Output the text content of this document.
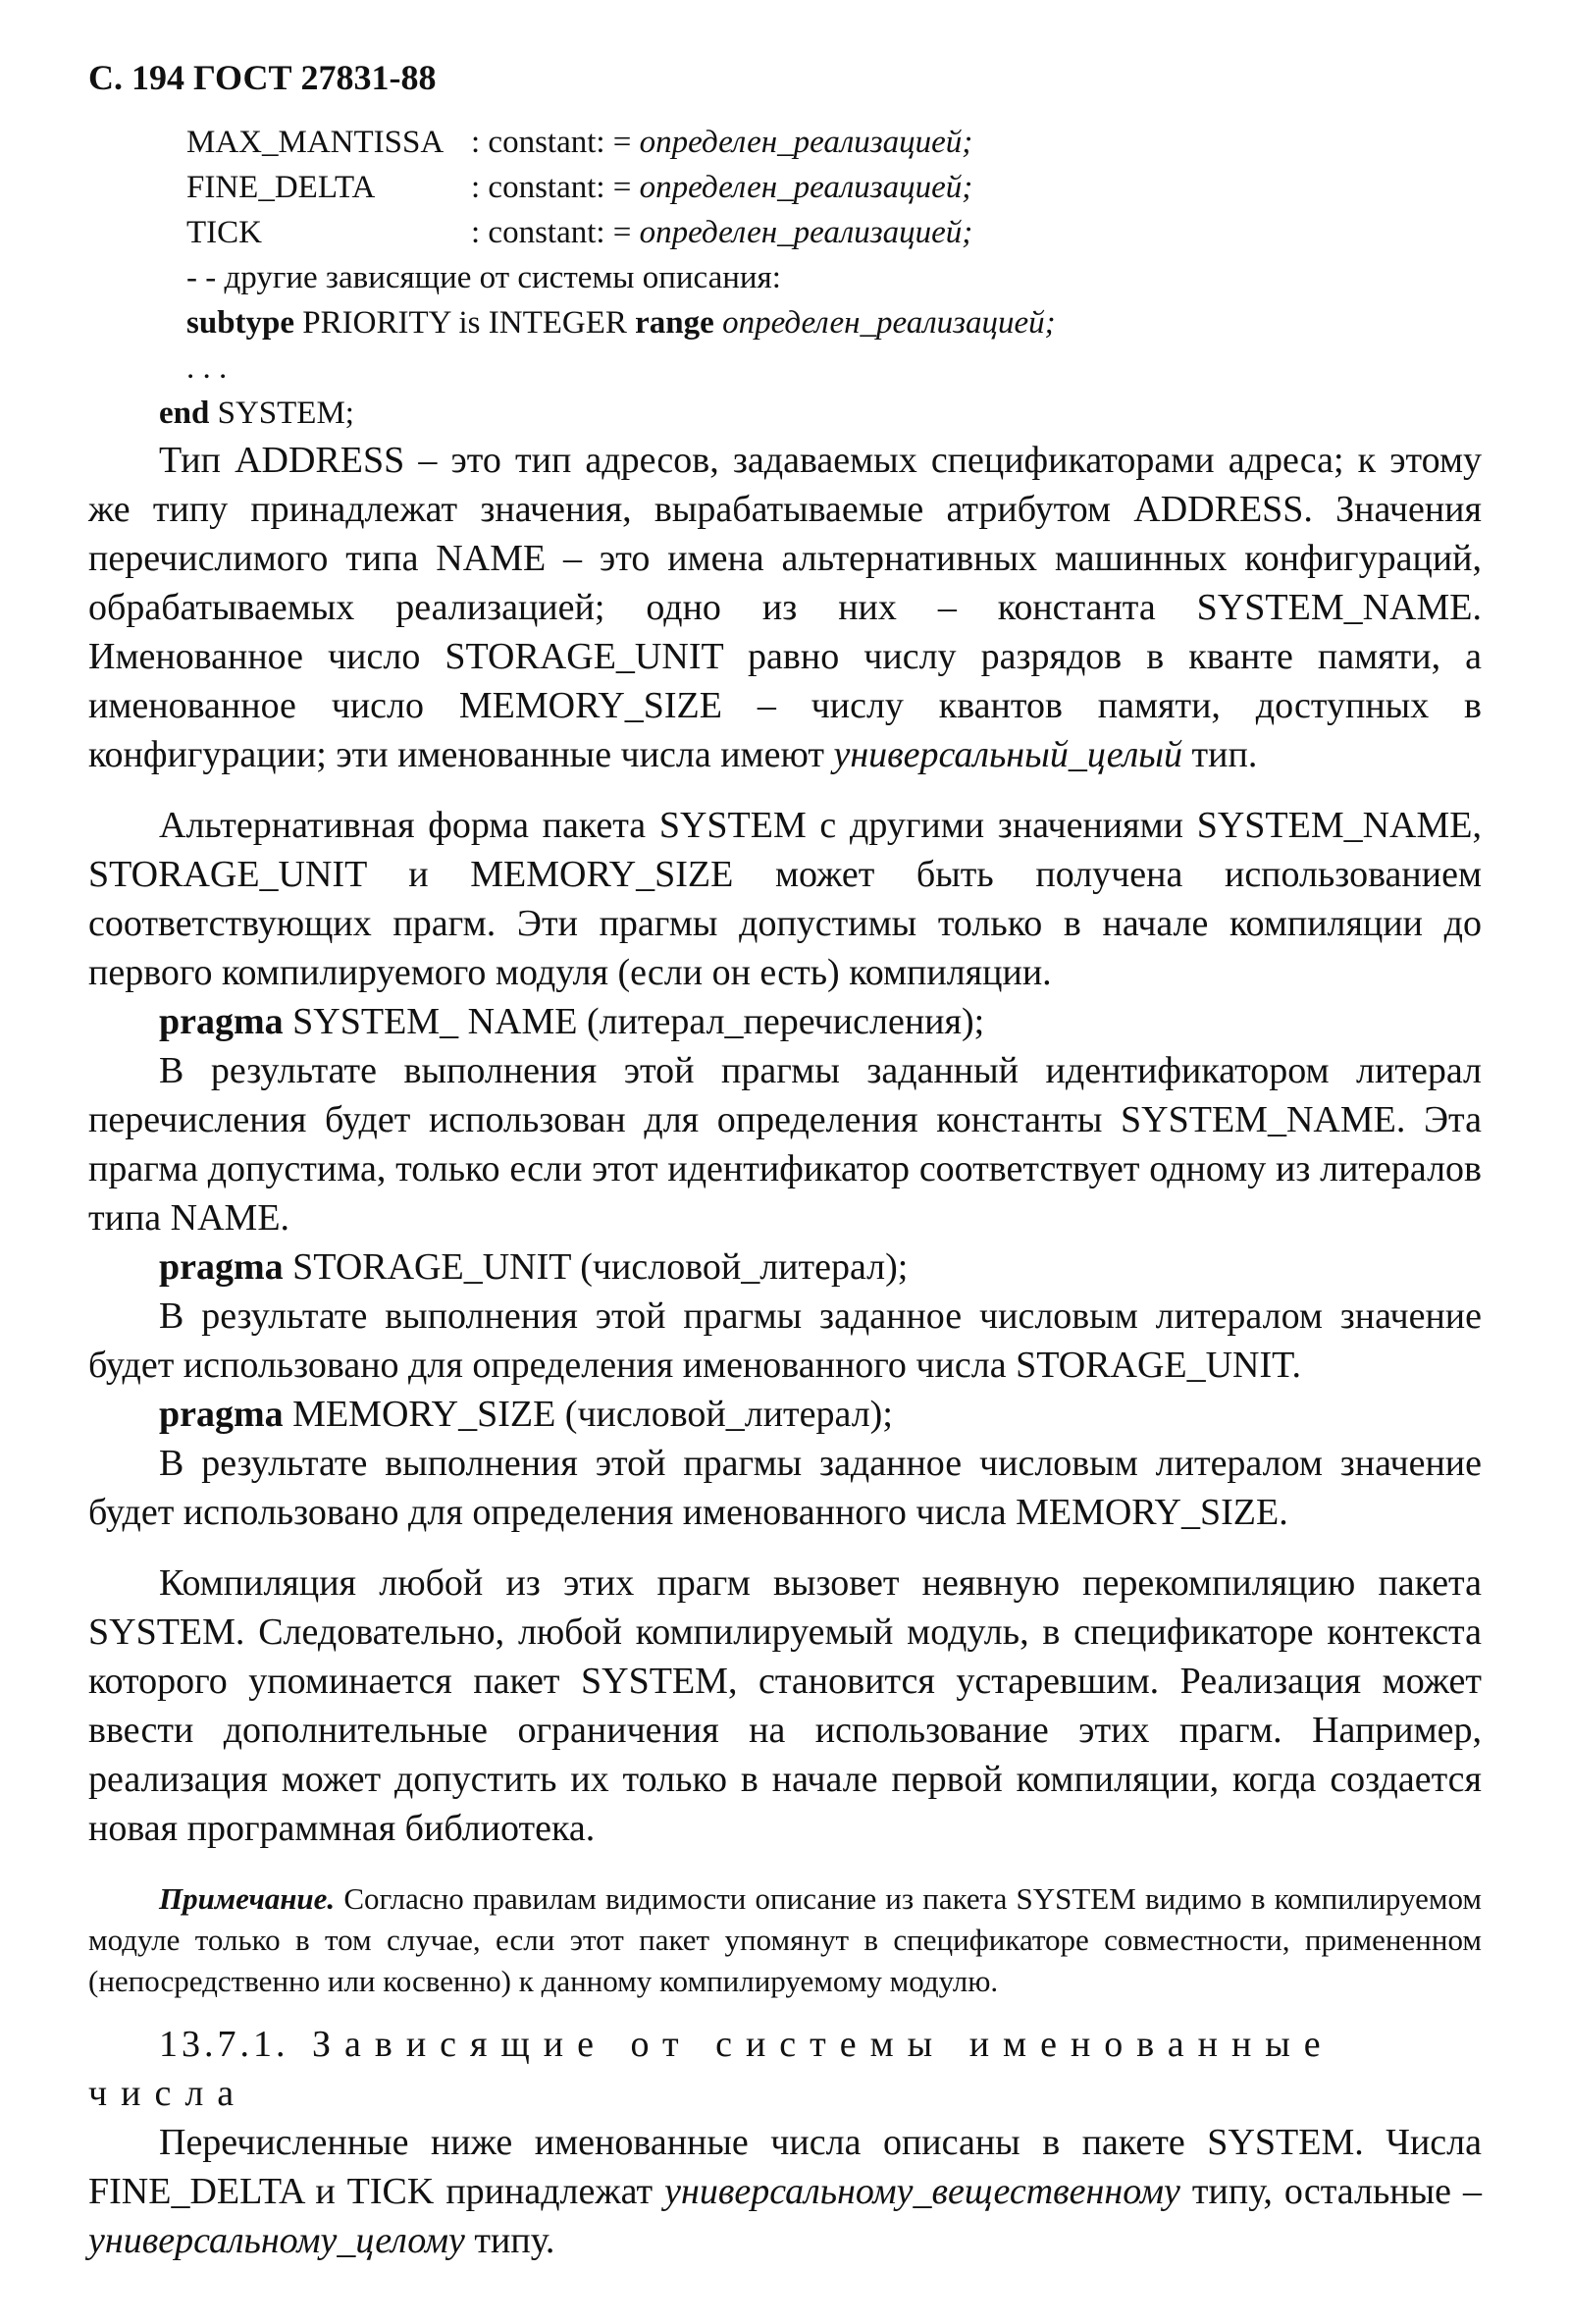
С. 194 ГОСТ 27831-88
MAX_MANTISSA : constant: = определен_реализацией;
FINE_DELTA	: constant: = определен_реализацией;
TICK	: constant: = определен_реализацией;
- - другие зависящие от системы описания:
subtype PRIORITY is INTEGER range определен_реализацией;
. . .
end SYSTEM;

Тип ADDRESS – это тип адресов, задаваемых спецификаторами адреса; к этому же типу принадлежат значения, вырабатываемые атрибутом ADDRESS. Значения перечислимого типа NAME – это имена альтернативных машинных конфигураций, обрабатываемых реализацией; одно из них – константа SYSTEM_NAME. Именованное число STORAGE_UNIT равно числу разрядов в кванте памяти, а именованное число MEMORY_SIZE – числу квантов памяти, доступных в конфигурации; эти именованные числа имеют универсальный_целый тип.

Альтернативная форма пакета SYSTEM с другими значениями SYSTEM_NAME, STORAGE_UNIT и MEMORY_SIZE может быть получена использованием соответствующих прагм. Эти прагмы допустимы только в начале компиляции до первого компилируемого модуля (если он есть) компиляции.

pragma SYSTEM_ NAME (литерал_перечисления);

В результате выполнения этой прагмы заданный идентификатором литерал перечисления будет использован для определения константы SYSTEM_NAME. Эта прагма допустима, только если этот идентификатор соответствует одному из литералов типа NAME.

pragma STORAGE_UNIT (числовой_литерал);

В результате выполнения этой прагмы заданное числовым литералом значение будет использовано для определения именованного числа STORAGE_UNIT.

pragma MEMORY_SIZE (числовой_литерал);

В результате выполнения этой прагмы заданное числовым литералом значение будет использовано для определения именованного числа MEMORY_SIZE.

Компиляция любой из этих прагм вызовет неявную перекомпиляцию пакета SYSTEM. Следовательно, любой компилируемый модуль, в спецификаторе контекста которого упоминается пакет SYSTEM, становится устаревшим. Реализация может ввести дополнительные ограничения на использование этих прагм. Например, реализация может допустить их только в начале первой компиляции, когда создается новая программная библиотека.

Примечание. Согласно правилам видимости описание из пакета SYSTEM видимо в компилируемом модуле только в том случае, если этот пакет упомянут в спецификаторе совместности, примененном (непосредственно или косвенно) к данному компилируемому модулю.

13.7.1. Зависящие от системы именованные числа

Перечисленные ниже именованные числа описаны в пакете SYSTEM. Числа FINE_DELTA и TICK принадлежат универсальному_вещественному типу, остальные – универсальному_целому типу.
